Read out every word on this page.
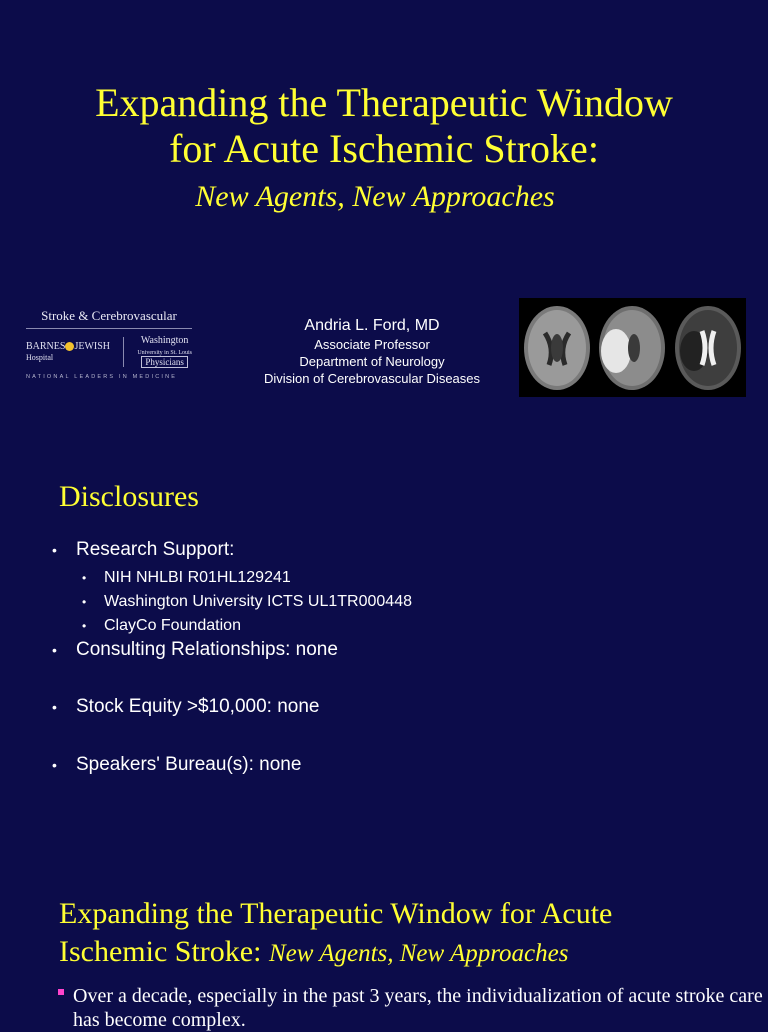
Expanding the Therapeutic Window
for Acute Ischemic Stroke:
New Agents, New Approaches
Stroke & Cerebrovascular
BARNES JEWISH
Hospital
Washington
University in St. Louis
Physicians
NATIONAL LEADERS IN MEDICINE
Andria L. Ford, MD
Associate Professor
Department of Neurology
Division of Cerebrovascular Diseases
Disclosures
• Research Support:
• NIH NHLBI R01HL129241
• Washington University ICTS UL1TR000448
• ClayCo Foundation
• Consulting Relationships: none
• Stock Equity >$10,000: none
• Speakers' Bureau(s): none
Expanding the Therapeutic Window for Acute
Ischemic Stroke: New Agents, New Approaches
Over a decade, especially in the past 3 years, the individualization of acute stroke care has become complex.
